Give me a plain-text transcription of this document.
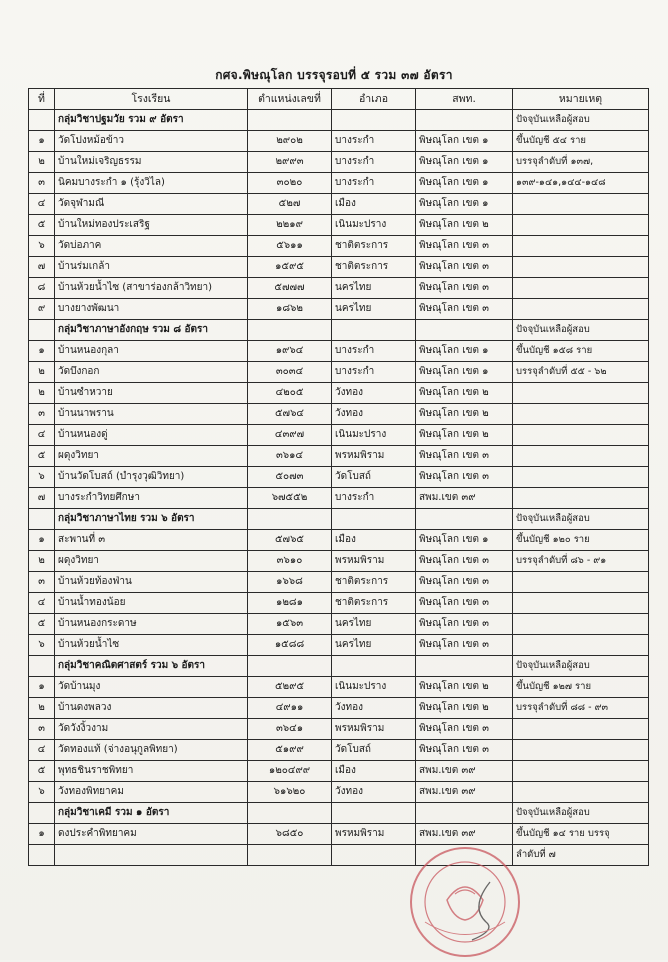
กศจ.พิษณุโลก บรรจุรอบที่ ๕ รวม ๓๗ อัตรา
ที่	โรงเรียน	ตำแหน่งเลขที่	อำเภอ	สพท.	หมายเหตุ
	กลุ่มวิชาปฐมวัย รวม ๙ อัตรา				ปัจจุบันเหลือผู้สอบ
๑	วัดโปงหม้อข้าว	๒๙๐๒	บางระกำ	พิษณุโลก เขต ๑	ขึ้นบัญชี ๕๔ ราย
๒	บ้านใหม่เจริญธรรม	๒๙๙๓	บางระกำ	พิษณุโลก เขต ๑	บรรจุลำดับที่ ๑๓๗,
๓	นิคมบางระกำ ๑ (รุ้งวิไล)	๓๐๒๐	บางระกำ	พิษณุโลก เขต ๑	๑๓๙-๑๔๑,๑๔๔-๑๔๘
๔	วัดจุฬามณี	๕๒๗	เมือง	พิษณุโลก เขต ๑	
๕	บ้านใหม่ทองประเสริฐ	๒๒๑๙	เนินมะปราง	พิษณุโลก เขต ๒	
๖	วัดบ่อภาค	๕๖๑๑	ชาติตระการ	พิษณุโลก เขต ๓	
๗	บ้านร่มเกล้า	๑๕๙๕	ชาติตระการ	พิษณุโลก เขต ๓	
๘	บ้านห้วยน้ำไซ (สาขาร่องกล้าวิทยา)	๕๗๗๗	นครไทย	พิษณุโลก เขต ๓	
๙	บางยางพัฒนา	๑๘๖๒	นครไทย	พิษณุโลก เขต ๓	
	กลุ่มวิชาภาษาอังกฤษ รวม ๘ อัตรา				ปัจจุบันเหลือผู้สอบ
๑	บ้านหนองกุลา	๑๙๖๔	บางระกำ	พิษณุโลก เขต ๑	ขึ้นบัญชี ๑๕๘ ราย
๒	วัดบึงกอก	๓๐๓๔	บางระกำ	พิษณุโลก เขต ๑	บรรจุลำดับที่ ๕๕ - ๖๒
๒	บ้านซำหวาย	๔๒๐๕	วังทอง	พิษณุโลก เขต ๒	
๓	บ้านนาพราน	๕๗๖๔	วังทอง	พิษณุโลก เขต ๒	
๔	บ้านหนองดู่	๔๓๙๗	เนินมะปราง	พิษณุโลก เขต ๒	
๕	ผดุงวิทยา	๓๖๑๔	พรหมพิราม	พิษณุโลก เขต ๓	
๖	บ้านวัดโบสถ์ (บำรุงวุฒิวิทยา)	๕๐๗๓	วัดโบสถ์	พิษณุโลก เขต ๓	
๗	บางระกำวิทยศึกษา	๖๗๕๕๒	บางระกำ	สพม.เขต ๓๙	
	กลุ่มวิชาภาษาไทย รวม ๖ อัตรา				ปัจจุบันเหลือผู้สอบ
๑	สะพานที่ ๓	๕๗๖๕	เมือง	พิษณุโลก เขต ๑	ขึ้นบัญชี ๑๒๐ ราย
๒	ผดุงวิทยา	๓๖๑๐	พรหมพิราม	พิษณุโลก เขต ๓	บรรจุลำดับที่ ๘๖ - ๙๑
๓	บ้านห้วยท้องฟ่าน	๑๖๖๘	ชาติตระการ	พิษณุโลก เขต ๓	
๔	บ้านน้ำทองน้อย	๑๒๘๑	ชาติตระการ	พิษณุโลก เขต ๓	
๕	บ้านหนองกระดาษ	๑๕๖๓	นครไทย	พิษณุโลก เขต ๓	
๖	บ้านห้วยน้ำไซ	๑๕๘๘	นครไทย	พิษณุโลก เขต ๓	
	กลุ่มวิชาคณิตศาสตร์ รวม ๖ อัตรา				ปัจจุบันเหลือผู้สอบ
๑	วัดบ้านมุง	๕๒๙๕	เนินมะปราง	พิษณุโลก เขต ๒	ขึ้นบัญชี ๑๒๗ ราย
๒	บ้านดงพลวง	๔๙๑๑	วังทอง	พิษณุโลก เขต ๒	บรรจุลำดับที่ ๘๘ - ๙๓
๓	วัดวังงิ้วงาม	๓๖๔๑	พรหมพิราม	พิษณุโลก เขต ๓	
๔	วัดทองแท้ (จ่างอนุกูลพิทยา)	๕๑๙๙	วัดโบสถ์	พิษณุโลก เขต ๓	
๕	พุทธชินราชพิทยา	๑๒๐๔๙๙	เมือง	สพม.เขต ๓๙	
๖	วังทองพิทยาคม	๖๑๖๒๐	วังทอง	สพม.เขต ๓๙	
	กลุ่มวิชาเคมี รวม ๑ อัตรา				ปัจจุบันเหลือผู้สอบ
๑	ดงประคำพิทยาคม	๖๘๕๐	พรหมพิราม	สพม.เขต ๓๙	ขึ้นบัญชี ๑๔ ราย บรรจุ
					ลำดับที่ ๗
